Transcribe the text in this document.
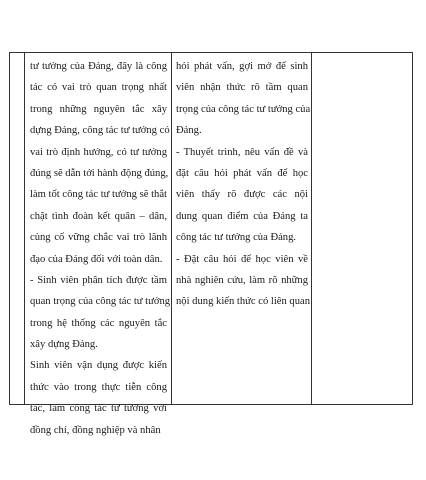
tư tưởng của Đảng, đây là công
tác có vai trò quan trọng nhất
trong những nguyên tắc xây
dựng Đảng, công tác tư tưởng có
vai trò định hướng, có tư tưởng
đúng sẽ dẫn tới hành động đúng,
làm tốt công tác tư tưởng sẽ thắt
chặt tình đoàn kết quân – dân,
củng cố vững chắc vai trò lãnh
đạo của Đảng đối với toàn dân.
- Sinh viên phân tích được tầm
quan trọng của công tác tư tưởng
trong hệ thống các nguyên tắc
xây dựng Đảng.
Sinh viên vận dụng được kiến
thức vào trong thực tiễn công
tác, làm công tác tư tưởng với
đồng chí, đồng nghiệp và nhân
hỏi phát vấn, gợi mở để sinh
viên nhận thức rõ tầm quan
trọng của công tác tư tưởng của
Đảng.
- Thuyết trình, nêu vấn đề và
đặt câu hỏi phát vấn để học
viên thấy rõ được các nội
dung quan điểm của Đảng ta
công tác tư tưởng của Đảng.
- Đặt câu hỏi để học viên về
nhà nghiên cứu, làm rõ những
nội dung kiến thức có liên quan
